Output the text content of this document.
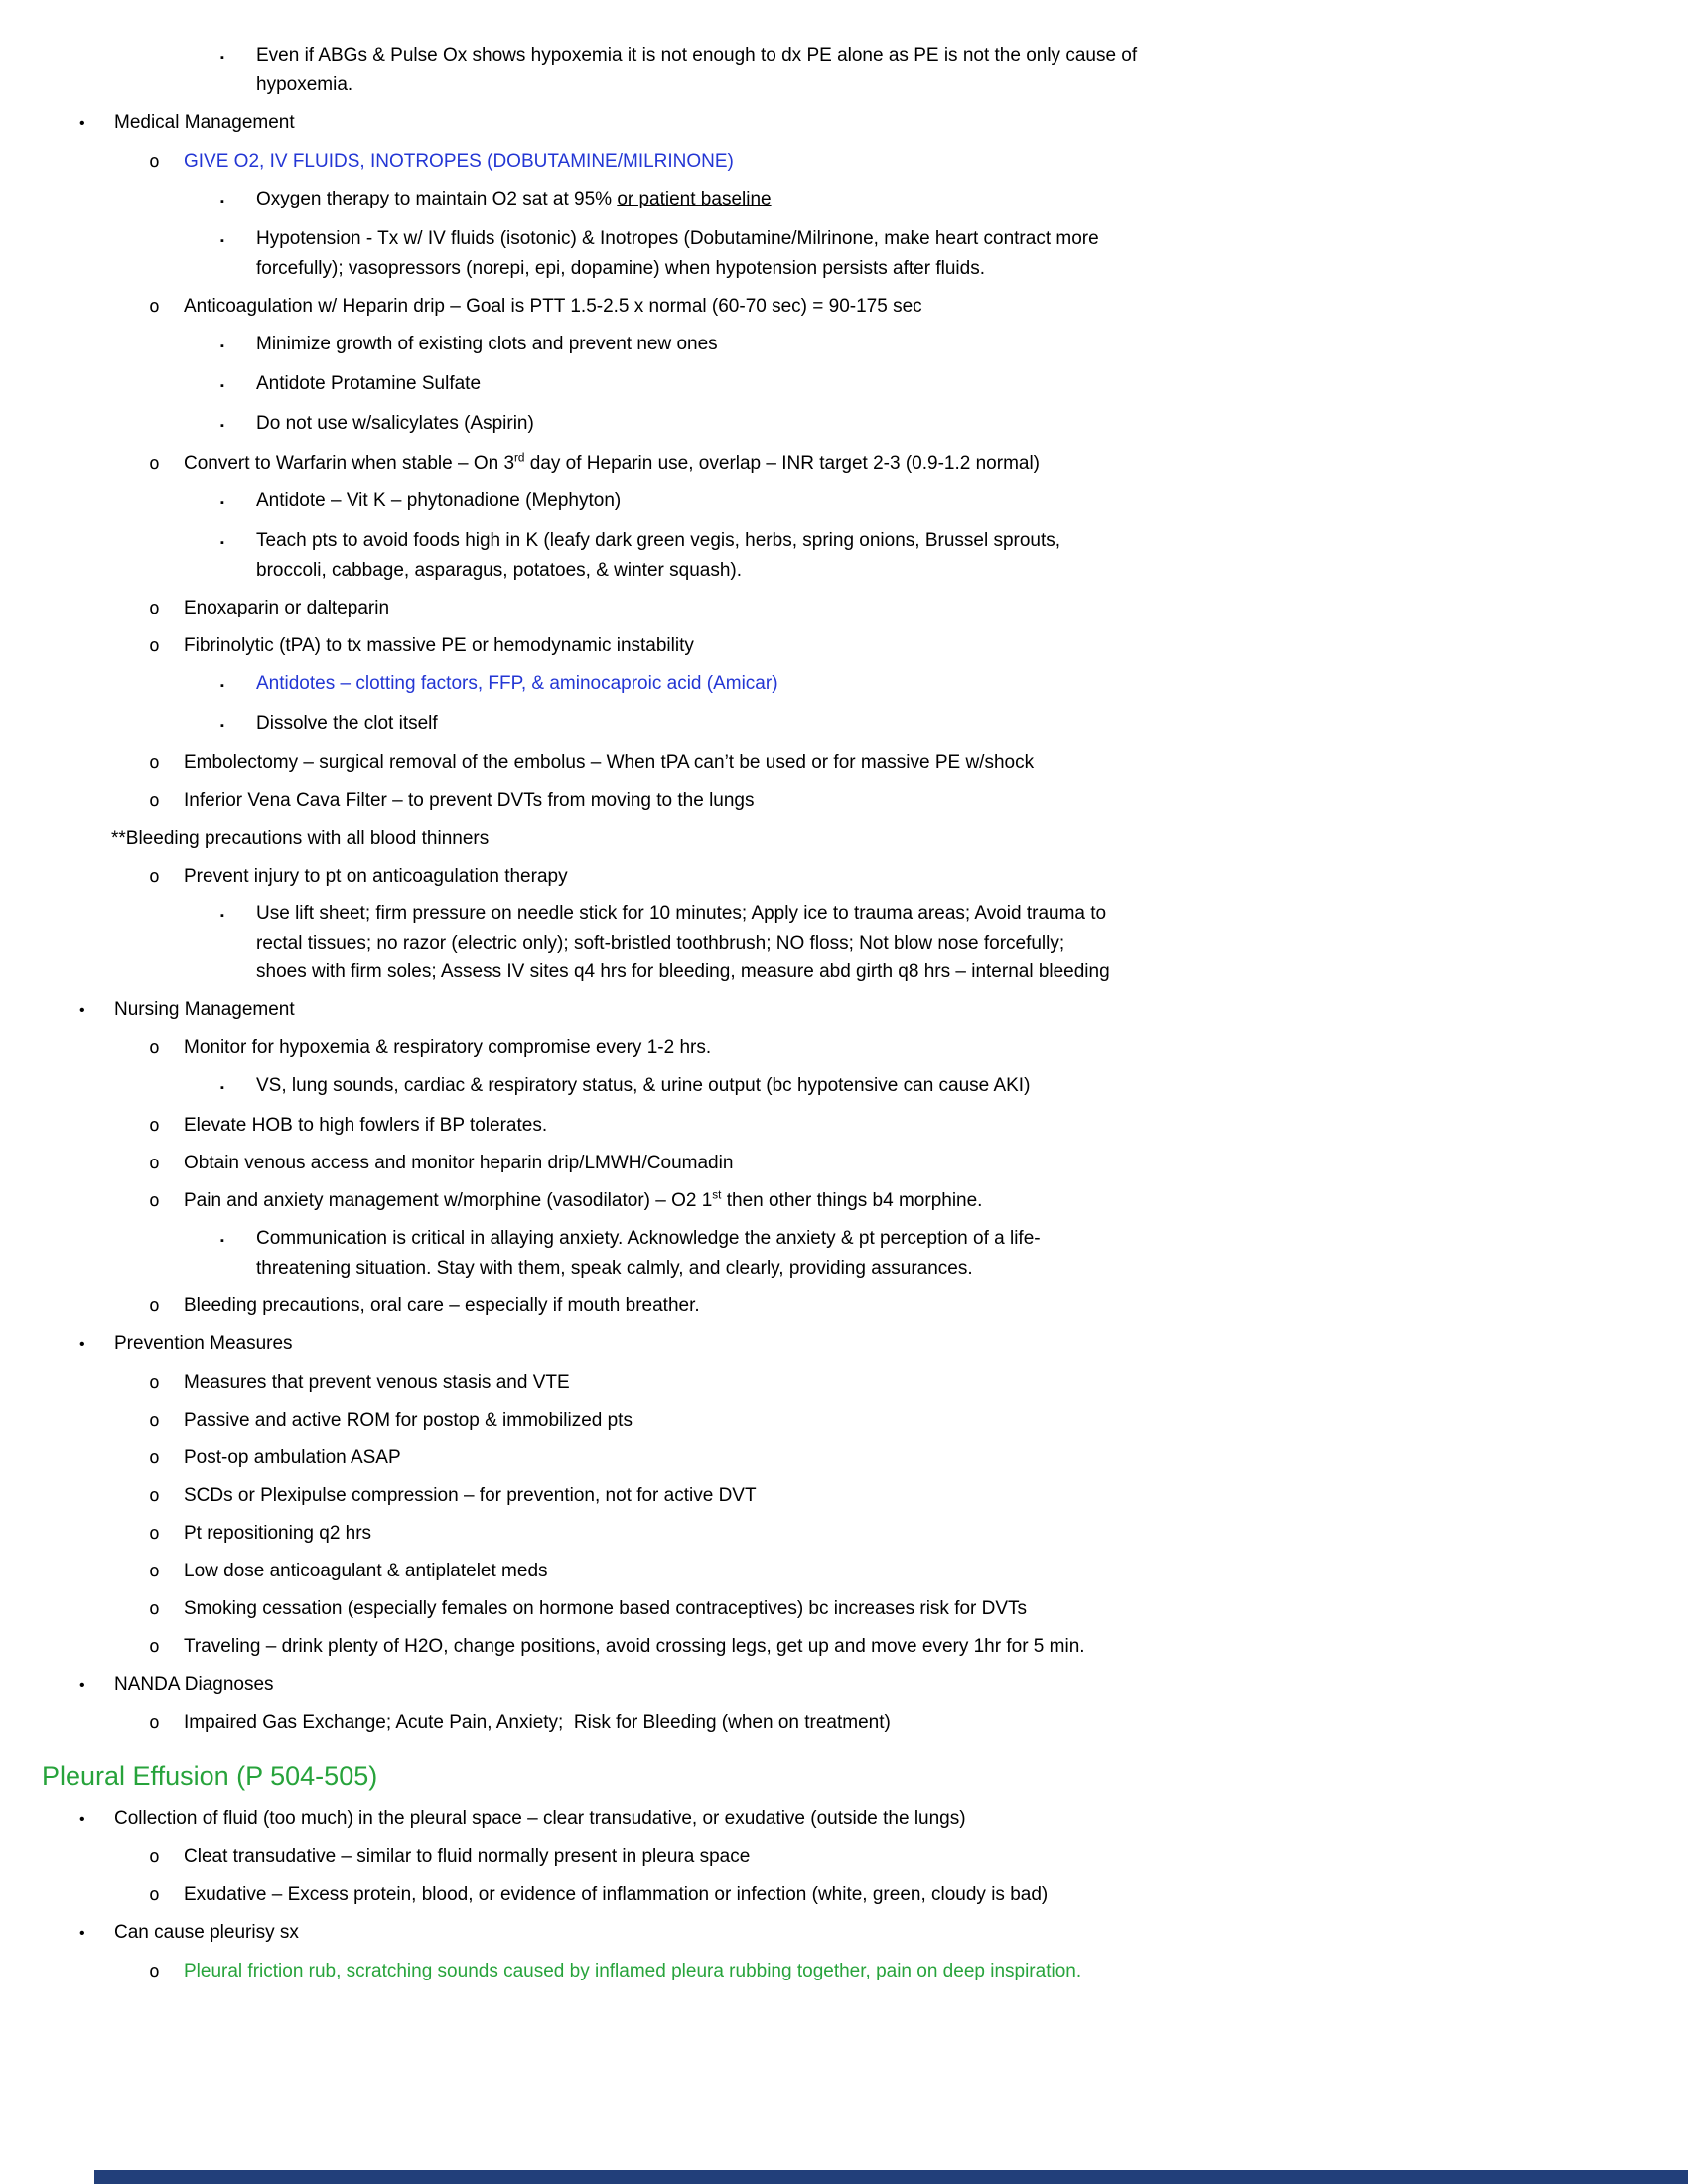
▪	Even if ABGs & Pulse Ox shows hypoxemia it is not enough to dx PE alone as PE is not the only cause of
hypoxemia.
•	Medical Management
o	GIVE O2, IV FLUIDS, INOTROPES (DOBUTAMINE/MILRINONE)
▪	Oxygen therapy to maintain O2 sat at 95% or patient baseline
▪	Hypotension - Tx w/ IV fluids (isotonic) & Inotropes (Dobutamine/Milrinone, make heart contract more
forcefully); vasopressors (norepi, epi, dopamine) when hypotension persists after fluids.
o	Anticoagulation w/ Heparin drip – Goal is PTT 1.5-2.5 x normal (60-70 sec) = 90-175 sec
▪	Minimize growth of existing clots and prevent new ones
▪	Antidote Protamine Sulfate
▪	Do not use w/salicylates (Aspirin)
o	Convert to Warfarin when stable – On 3rd day of Heparin use, overlap – INR target 2-3 (0.9-1.2 normal)
▪	Antidote – Vit K – phytonadione (Mephyton)
▪	Teach pts to avoid foods high in K (leafy dark green vegis, herbs, spring onions, Brussel sprouts,
broccoli, cabbage, asparagus, potatoes, & winter squash).
o	Enoxaparin or dalteparin
o	Fibrinolytic (tPA) to tx massive PE or hemodynamic instability
▪	Antidotes – clotting factors, FFP, & aminocaproic acid (Amicar)
▪	Dissolve the clot itself
o	Embolectomy – surgical removal of the embolus – When tPA can’t be used or for massive PE w/shock
o	Inferior Vena Cava Filter – to prevent DVTs from moving to the lungs
**Bleeding precautions with all blood thinners
o	Prevent injury to pt on anticoagulation therapy
▪	Use lift sheet; firm pressure on needle stick for 10 minutes; Apply ice to trauma areas; Avoid trauma to
rectal tissues; no razor (electric only); soft-bristled toothbrush; NO floss; Not blow nose forcefully;
shoes with firm soles; Assess IV sites q4 hrs for bleeding, measure abd girth q8 hrs – internal bleeding
•	Nursing Management
o	Monitor for hypoxemia & respiratory compromise every 1-2 hrs.
▪	VS, lung sounds, cardiac & respiratory status, & urine output (bc hypotensive can cause AKI)
o	Elevate HOB to high fowlers if BP tolerates.
o	Obtain venous access and monitor heparin drip/LMWH/Coumadin
o	Pain and anxiety management w/morphine (vasodilator) – O2 1st then other things b4 morphine.
▪	Communication is critical in allaying anxiety. Acknowledge the anxiety & pt perception of a life-
threatening situation. Stay with them, speak calmly, and clearly, providing assurances.
o	Bleeding precautions, oral care – especially if mouth breather.
•	Prevention Measures
o	Measures that prevent venous stasis and VTE
o	Passive and active ROM for postop & immobilized pts
o	Post-op ambulation ASAP
o	SCDs or Plexipulse compression – for prevention, not for active DVT
o	Pt repositioning q2 hrs
o	Low dose anticoagulant & antiplatelet meds
o	Smoking cessation (especially females on hormone based contraceptives) bc increases risk for DVTs
o	Traveling – drink plenty of H2O, change positions, avoid crossing legs, get up and move every 1hr for 5 min.
•	NANDA Diagnoses
o	Impaired Gas Exchange; Acute Pain, Anxiety;  Risk for Bleeding (when on treatment)
Pleural Effusion (P 504-505)
•	Collection of fluid (too much) in the pleural space – clear transudative, or exudative (outside the lungs)
o	Cleat transudative – similar to fluid normally present in pleura space
o	Exudative – Excess protein, blood, or evidence of inflammation or infection (white, green, cloudy is bad)
•	Can cause pleurisy sx
o	Pleural friction rub, scratching sounds caused by inflamed pleura rubbing together, pain on deep inspiration.
